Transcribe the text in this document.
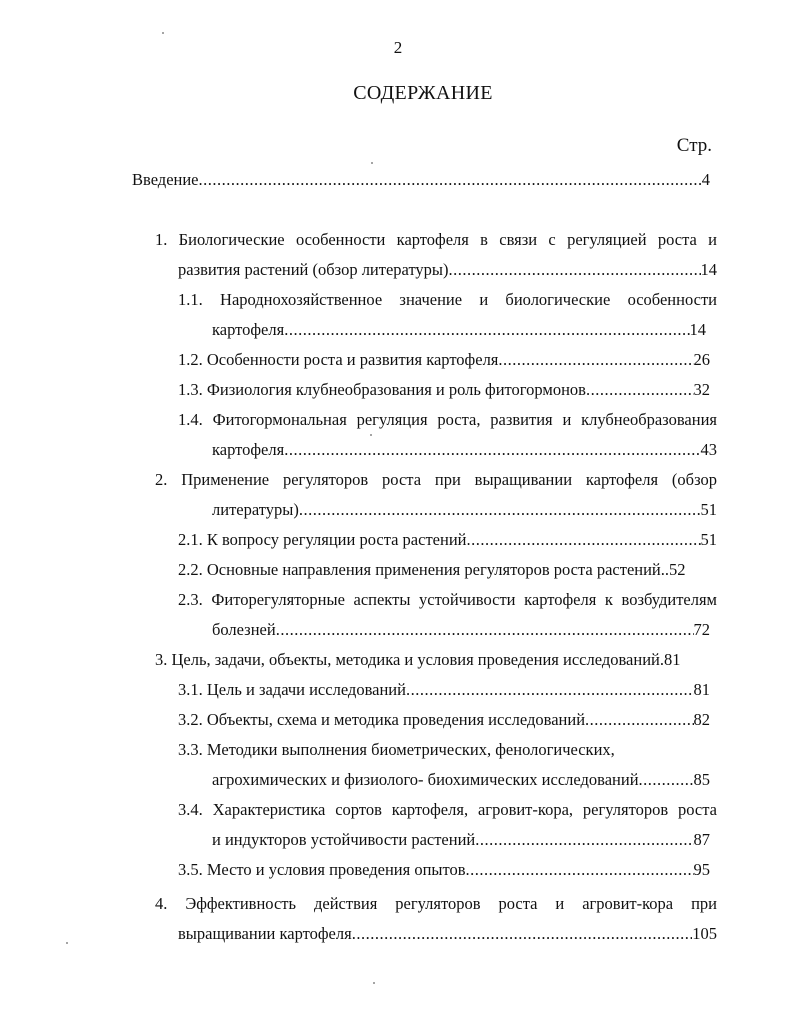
2
СОДЕРЖАНИЕ
Стр.
Введение .....	4
1. Биологические особенности картофеля в связи с регуляцией роста и
развития растений (обзор литературы) .....	14
1.1. Народнохозяйственное значение и биологические особенности
картофеля .....	14
1.2. Особенности роста и развития картофеля .....	26
1.3. Физиология клубнеобразования и роль фитогормонов .....	32
1.4. Фитогормональная регуляция роста, развития и клубнеобразования
картофеля .....	43
2. Применение регуляторов роста при выращивании картофеля (обзор
литературы) .....	51
2.1. К вопросу регуляции роста растений .....	51
2.2. Основные направления применения регуляторов роста растений..52
2.3. Фиторегуляторные аспекты устойчивости картофеля к возбудителям
болезней .....	72
3. Цель, задачи, объекты, методика и условия проведения исследований.81
3.1. Цель и задачи исследований .....	81
3.2. Объекты, схема и методика проведения исследований .....	82
3.3. Методики выполнения биометрических, фенологических,
агрохимических и физиолого- биохимических исследований .....	85
3.4. Характеристика сортов картофеля, агровит-кора, регуляторов роста
и индукторов устойчивости растений .....	87
3.5. Место и условия проведения опытов .....	95
4. Эффективность действия регуляторов роста и агровит-кора при
выращивании картофеля .....	105
